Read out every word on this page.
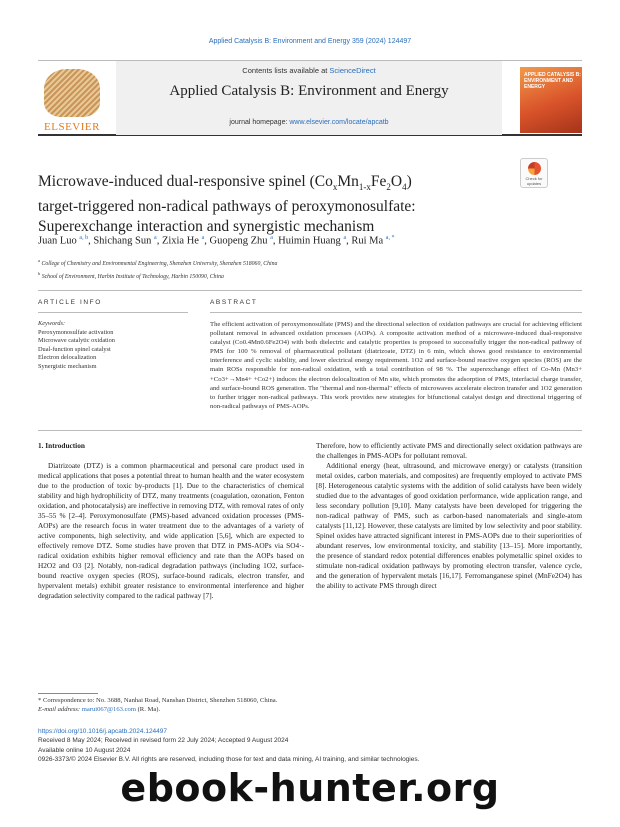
Applied Catalysis B: Environment and Energy 359 (2024) 124497
ELSEVIER
Contents lists available at ScienceDirect
Applied Catalysis B: Environment and Energy
journal homepage: www.elsevier.com/locate/apcatb
APPLIED CATALYSIS B: ENVIRONMENT AND ENERGY
Microwave-induced dual-responsive spinel $(Co_xMn_{1-x}Fe_2O_4)$
target-triggered non-radical pathways of peroxymonosulfate:
Superexchange interaction and synergistic mechanism
Check for updates
Juan Luo $^{a, b}$, Shichang Sun $^a$, Zixia He $^a$, Guopeng Zhu $^a$, Huimin Huang $^a$, Rui Ma $^{a, *}$
$^a$ College of Chemistry and Environmental Engineering, Shenzhen University, Shenzhen 518060, China
$^b$ School of Environment, Harbin Institute of Technology, Harbin 150090, China
ARTICLE INFO	ABSTRACT
Keywords:
Peroxymonosulfate activation
Microwave catalytic oxidation
Dual-function spinel catalyst
Electron delocalization
Synergistic mechanism
The efficient activation of peroxymonosulfate (PMS) and the directional selection of oxidation pathways are crucial for achieving efficient pollutant removal in advanced oxidation processes (AOPs). A composite activation method of a microwave-induced dual-responsive catalyst (Co0.4Mn0.6Fe2O4) with both dielectric and catalytic properties is proposed to successfully trigger the non-radical pathway of PMS for 100 % removal of pharmaceutical pollutant (diatrizoate, DTZ) in 6 min, which shows good resistance to environmental interference and cyclic stability, and lower electrical energy requirement. 1O2 and surface-bound reactive oxygen species (ROS) are the main ROSs responsible for non-radical oxidation, with a total contribution of 98 %. The superexchange effect of Co-Mn (Mn3+ +Co3+→Mn4+ +Co2+) induces the electron delocalization of Mn site, which promotes the adsorption of PMS, interfacial charge transfer, and surface-bound ROS generation. The "thermal and non-thermal" effects of microwaves accelerate electron transfer and 1O2 generation to further trigger non-radical pathways. This work provides new strategies for bifunctional catalyst design and directional triggering of non-radical pathways of PMS-AOPs.
1. Introduction

Diatrizoate (DTZ) is a common pharmaceutical and personal care product used in medical applications that poses a potential threat to human health and the water ecosystem due to the production of toxic by-products [1]. Due to the characteristics of chemical stability and high hydrophilicity of DTZ, many treatments (coagulation, ozonation, Fenton oxidation, and photocatalysis) are ineffective in removing DTZ, with removal rates of only 35–55 % [2–4]. Peroxymonosulfate (PMS)-based advanced oxidation processes (PMS-AOPs) are the research focus in water treatment due to the advantages of a variety of active components, high selectivity, and wide application [5,6], which are expected to effectively remove DTZ. Some studies have proven that DTZ in PMS-AOPs via SO4·- radical oxidation exhibits higher removal efficiency and rate than the AOPs based on H2O2 and O3 [2]. Notably, non-radical degradation pathways (including 1O2, surface-bound reactive oxygen species (ROS), surface-bound radicals, electron transfer, and hypervalent metals) exhibit greater resistance to environmental interference and higher degradation selectivity compared to the radical pathway [7].

Therefore, how to efficiently activate PMS and directionally select oxidation pathways are the challenges in PMS-AOPs for pollutant removal.

Additional energy (heat, ultrasound, and microwave energy) or catalysts (transition metal oxides, carbon materials, and composites) are frequently employed to activate PMS [8]. Heterogeneous catalytic systems with the addition of solid catalysts have been widely studied due to the advantages of good oxidation performance, wide application range, and less secondary pollution [9,10]. Many catalysts have been developed for triggering the non-radical pathway of PMS, such as carbon-based nanomaterials and single-atom catalysts [11,12]. However, these catalysts are limited by low selectivity and poor stability. Spinel oxides have attracted significant interest in PMS-AOPs due to their superiorities of abundant reserves, low environmental toxicity, and stability [13–15]. More importantly, the presence of standard redox potential differences enables polymetallic spinel oxides to stimulate non-radical oxidation pathways by promoting electron transfer, valence cycle, and the generation of hypervalent metals [16,17]. Ferromanganese spinel (MnFe2O4) has the ability to activate PMS through direct

* Correspondence to: No. 3688, Nanhai Road, Nanshan District, Shenzhen 518060, China.
E-mail address: marui067@163.com (R. Ma).
https://doi.org/10.1016/j.apcatb.2024.124497
Received 8 May 2024; Received in revised form 22 July 2024; Accepted 9 August 2024
Available online 10 August 2024
0926-3373/© 2024 Elsevier B.V. All rights are reserved, including those for text and data mining, AI training, and similar technologies.
ebook-hunter.org
